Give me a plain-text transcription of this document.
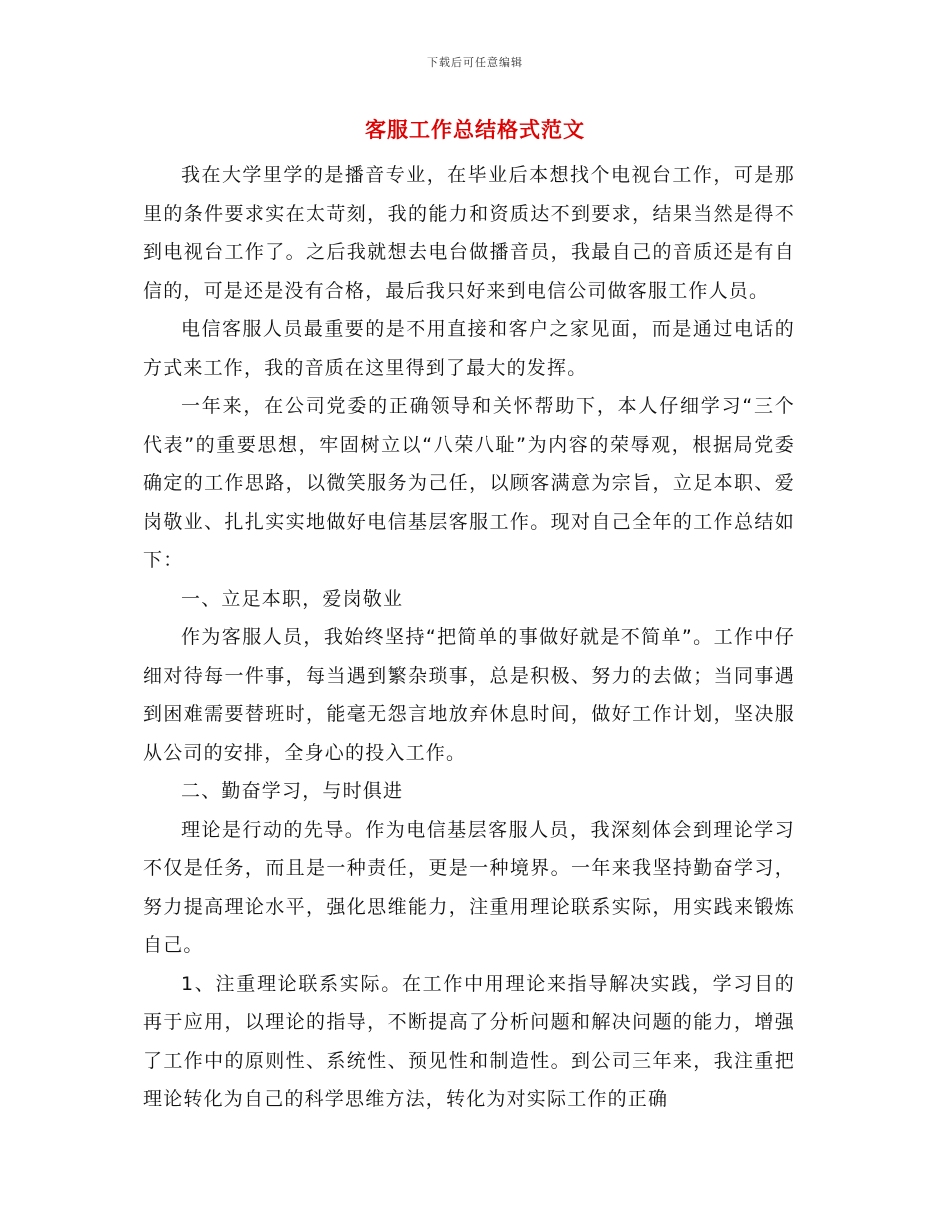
下载后可任意编辑
客服工作总结格式范文

我在大学里学的是播音专业，在毕业后本想找个电视台工作，可是那里的条件要求实在太苛刻，我的能力和资质达不到要求，结果当然是得不到电视台工作了。之后我就想去电台做播音员，我最自己的音质还是有自信的，可是还是没有合格，最后我只好来到电信公司做客服工作人员。

电信客服人员最重要的是不用直接和客户之家见面，而是通过电话的方式来工作，我的音质在这里得到了最大的发挥。

一年来，在公司党委的正确领导和关怀帮助下，本人仔细学习“三个代表”的重要思想，牢固树立以“八荣八耻”为内容的荣辱观，根据局党委确定的工作思路，以微笑服务为己任，以顾客满意为宗旨，立足本职、爱岗敬业、扎扎实实地做好电信基层客服工作。现对自己全年的工作总结如下：

一、立足本职，爱岗敬业

作为客服人员，我始终坚持“把简单的事做好就是不简单”。工作中仔细对待每一件事，每当遇到繁杂琐事，总是积极、努力的去做；当同事遇到困难需要替班时，能毫无怨言地放弃休息时间，做好工作计划，坚决服从公司的安排，全身心的投入工作。

二、勤奋学习，与时俱进

理论是行动的先导。作为电信基层客服人员，我深刻体会到理论学习不仅是任务，而且是一种责任，更是一种境界。一年来我坚持勤奋学习，努力提高理论水平，强化思维能力，注重用理论联系实际，用实践来锻炼自己。

1、注重理论联系实际。在工作中用理论来指导解决实践，学习目的再于应用，以理论的指导，不断提高了分析问题和解决问题的能力，增强了工作中的原则性、系统性、预见性和制造性。到公司三年来，我注重把理论转化为自己的科学思维方法，转化为对实际工作的正确
